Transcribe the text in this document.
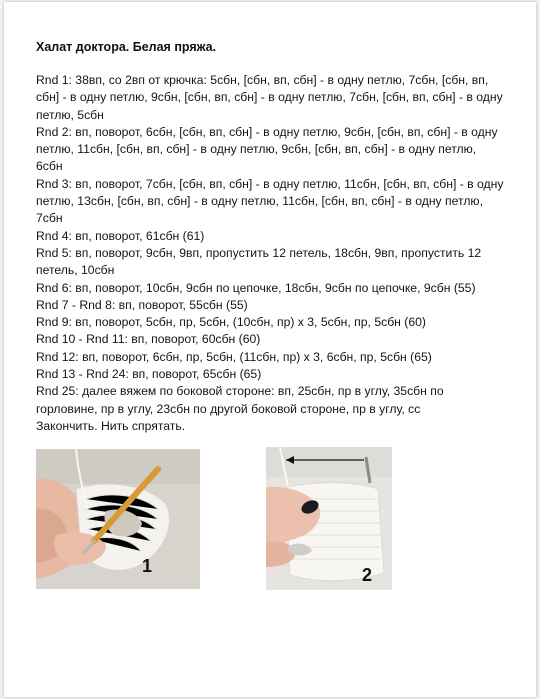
Халат доктора. Белая пряжа.
Rnd 1: 38вп, со 2вп от крючка: 5сбн, [сбн, вп, сбн] - в одну петлю, 7сбн, [сбн, вп, сбн] - в одну петлю, 9сбн, [сбн, вп, сбн] - в одну петлю, 7сбн, [сбн, вп, сбн] - в одну петлю, 5сбн
Rnd 2: вп, поворот, 6сбн, [сбн, вп, сбн] - в одну петлю, 9сбн, [сбн, вп, сбн] - в одну петлю, 11сбн, [сбн, вп, сбн] - в одну петлю, 9сбн, [сбн, вп, сбн] - в одну петлю, 6сбн
Rnd 3: вп, поворот, 7сбн, [сбн, вп, сбн] - в одну петлю, 11сбн, [сбн, вп, сбн] - в одну петлю, 13сбн, [сбн, вп, сбн] - в одну петлю, 11сбн, [сбн, вп, сбн] - в одну петлю, 7сбн
Rnd 4: вп, поворот, 61сбн (61)
Rnd 5: вп, поворот, 9сбн, 9вп, пропустить 12 петель, 18сбн, 9вп, пропустить 12 петель, 10сбн
Rnd 6: вп, поворот, 10сбн, 9сбн по цепочке, 18сбн, 9сбн по цепочке, 9сбн (55)
Rnd 7 - Rnd 8: вп, поворот, 55сбн (55)
Rnd 9: вп, поворот, 5сбн, пр, 5сбн, (10сбн, пр) х 3, 5сбн, пр, 5сбн (60)
Rnd 10 - Rnd 11: вп, поворот, 60сбн (60)
Rnd 12: вп, поворот, 6сбн, пр, 5сбн, (11сбн, пр) х 3, 6сбн, пр, 5сбн (65)
Rnd 13 - Rnd 24: вп, поворот, 65сбн (65)
Rnd 25: далее вяжем по боковой стороне: вп, 25сбн, пр в углу, 35сбн по горловине, пр в углу, 23сбн по другой боковой стороне, пр в углу, сс
Закончить. Нить спрятать.
1	2
